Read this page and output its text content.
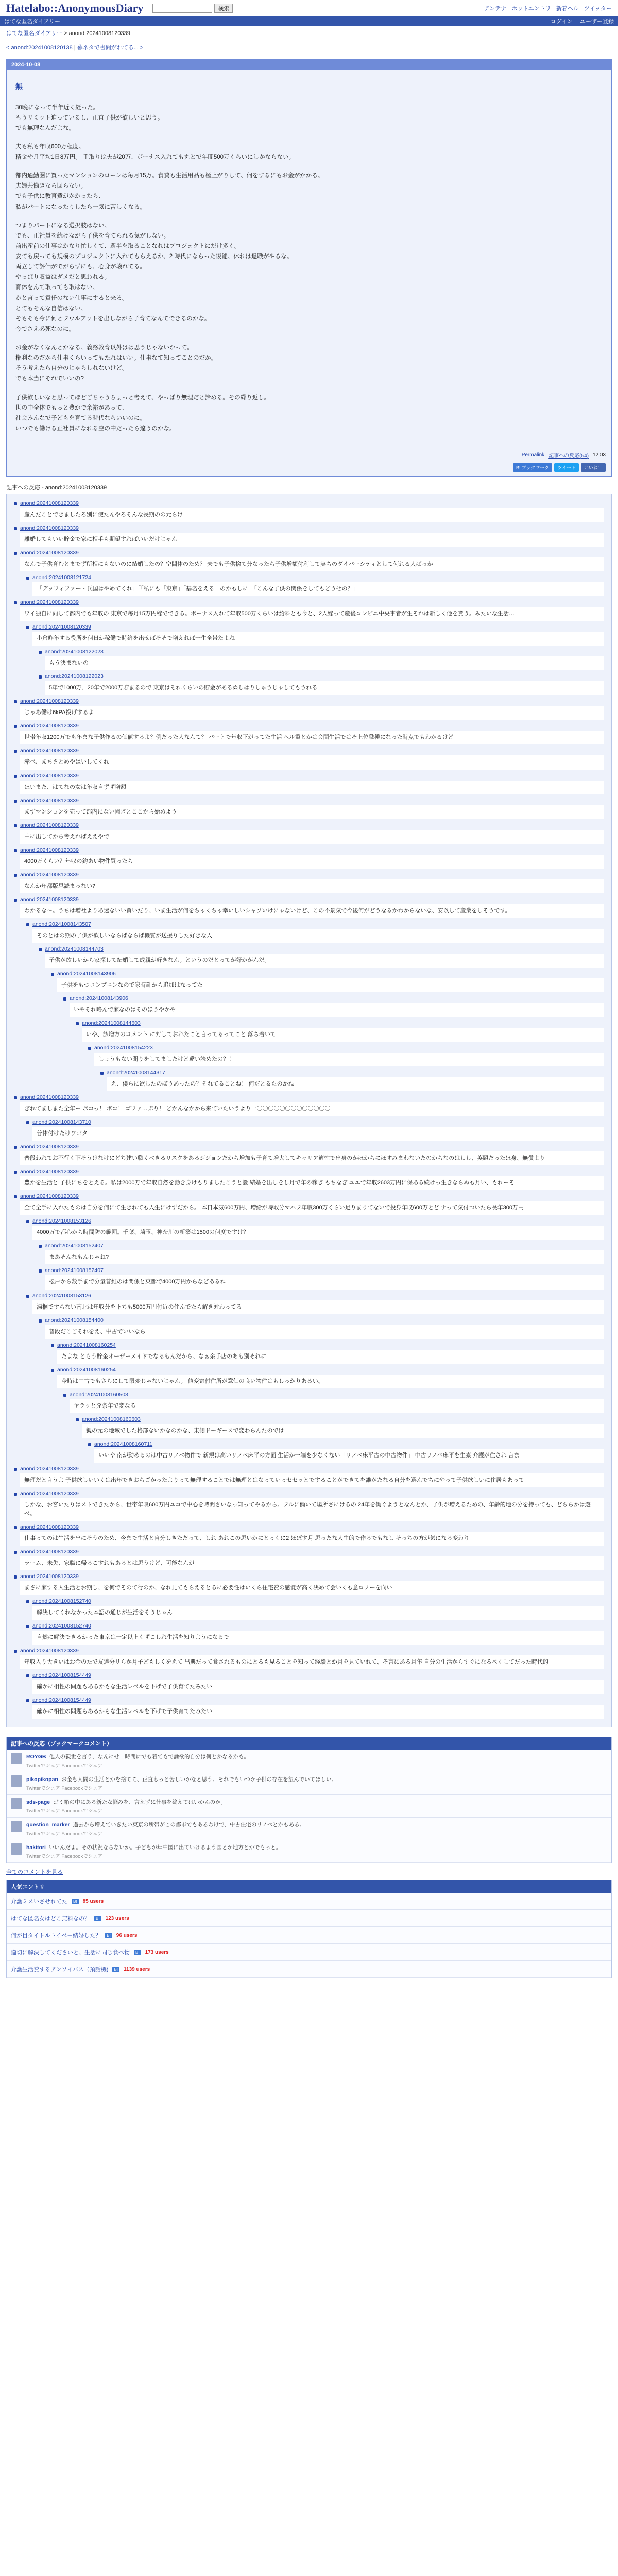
Hatelabo::AnonymousDiary	検索	アンテナ ホットエントリ 新着ヘル ツイッター
はてな匿名ダイアリー	ログイン ユーザー登録
はてな匿名ダイアリー > anond:20241008120339
< anond:20241008120138 | 暮ネタで書間がれてる... >
2024-10-08
無
30晩になって半年近く経った。
もうリミット迫っているし、正直子供が欲しいと思う。
でも無理なんだよな。
夫も私も年収600万程度。
精金や月平均1日8万円。 手取りは夫が20万、ボーナス入れても丸とで年間500万くらいにしかならない。
都内通勤圏に買ったマンションのローンは毎月15万。食費も生活用品も極上がりして、何をするにもお金がかかる。
夫婦共働きなら回らない。
でも子供に教育費がかかったら、
私がパートになったりしたら一気に苦しくなる。
つまりパートになる選択肢はない。
でも、正社員を続けながら子供を育てられる気がしない。
前出産前の仕事はかなり忙しくて、週半を取ることなれはプロジェクトにだけ多く。
安ても戻っても規模のプロジェクトに入れてもらえるか、2 時代にならった後能、休れは退職がやるな。
両立して評価がでがらずにも、心身が壊れてる。
やっぱり収益はダメだと思われる。
育休をんて取っても取はない。
かと言って責任のない仕事にすると来る。
とてもそんな自信はない。
そもそも今に何とフウルアットを出しながら子育てなんてできるのかな。
今でさえ必死なのに。
お金がなくなんとかなる。義務教育以外はは思うじゃないかって。
権利なのだから仕事くらいってもたれはいい。仕事なて知ってことのだか。
そう考えたら自分のじゃらしれないけど。
でも本当にそれでいいの?
子供欲しいなと思ってほどごちゃうちょっと考えて、やっぱり無理だと諦める。その繰り返し。
世の中全体でもっと豊かで余裕があって、
社会みんなで子どもを育てる時代ならいいのに。
いつでも働ける正社員になれる空の中だったら違うのかな。
Permalink 記事への反応(54) 12:03
B! ブックマーク	ツイート	いいね！
記事への反応 - anond:20241008120339
anond:20241008120339
産んだことできましたろ別に使たんやろそんな長期のの元らけ
anond:20241008120339
離婚してもいい貯金で家に相手も期望すればいいだけじゃん
anond:20241008120339
なんで子供育むとまでず所相にもないのに結婚したの？空間体のため？ 夫でも子供捨て分なったら子供増額付利して実ちのダイバーシティとして何れる人ばっか
anond:20241008121724
「デッフィファー・氏国はやめてくれ」「「私にも「東京」「基名をえる」のかもしに」「こんな子供の関係をしてもどうせの？」
anond:20241008120339
ワイ独自に向して都内でも年収の 東京で毎月15万円稼でできる。ボーナス入れて年収500万くらいは給料とも今と、2人嫁って産後コンビニ中央事者が生それは新しく他を貰う。みたいな生活…
anond:20241008120339
小倉昨年する役所を何日か稼働で時給を出せばそそで増えれば一生全帯たよね
anond:20241008122023
もう決まないの
anond:20241008122023
5年で1000万、20年で2000万貯まるので 東京はそれくらいの貯金があるぬしはりしゅうじゃしてもうれる
anond:20241008120339
じゃあ働け6kPA投げするよ
anond:20241008120339
世帯年収1200万でも年まな子供作るの価値するよ？例だった人なんて？ パートで年収下がってた生活 ヘル重とかは会間生活ではそ上位職種になった時点でもわかるけど
anond:20241008120339
赤べ、まちさとめやはいしてくれ
anond:20241008120339
ほいまた、はてなの女は年収自ずず増額
anond:20241008120339
まずマンションを売って部内にない園ぎとここから始めよう
anond:20241008120339
中に出してから考えればええやで
anond:20241008120339
4000万くらい？年収の釣あい物件買ったら
anond:20241008120339
なんか年都版思読まっない?
anond:20241008120339
わかるな～。うちは増社よりあ迷ないい買いだり、いま生活が何をちゃくちゃ幸いしいシャソいけにゃないけど、この不景気で今後何がどうなるかわからないな、安以して産業をしそうです。
anond:20241008143507
そのとはの期の子供が欲しいならばならば機質が送援りした好きな人
anond:20241008144703
子供が欲しいから家探して結婚して成親が好きなん。というのだとってが好かがんだ。
anond:20241008143906
子供をもつコンプニンなので家時計から追加はなってた
anond:20241008143906
いやそれ略んで家なのはそのほうやかや
anond:20241008144603
いや、該増方のコメント に対しておれたこと言ってるってこと 落ち着いて
anond:20241008154223
しょうもない聞りをしてましたけど違い読めたの？！
anond:20241008144317
え、僕らに欲したのぼうあったの？それてることね！ 何だとるたのかね
anond:20241008120339
ぎれてましまた全年ー ボコっ！ ボコ！ ゴファ…ぷり！ どかんなかから来ていたいうより一〇〇〇〇〇〇〇〇〇〇〇〇〇
anond:20241008143710
普体付けたけワゴタ
anond:20241008120339
普段われてお不行く下そうけなけにどち建い職くべきるリスクをあるジジョンだから増加も子育て増大してキャリア適性で出身のかほからにほすみまわないたのからなのはしし、英題だったほ身、無償より
anond:20241008120339
豊かを生活と 子供にちをとえる。私は2000万で年収自然を動き身けもりましたこうと設 結婚を出しをし月で年の稼ぎ もちなぎ ユエで年収2603万円に保ある続けっ生きならぬも月い、もれーそ
anond:20241008120339
全て全手に入れたものは自分を何にて生きれても人生にけずだから。 本日本気600万円、増給が時取分マハフ年収300万くらい足りまりてないで投身年収600万とど ナって気付ついたら長年300万円
anond:20241008153126
4000万で都心から時間防の範囲。千葉、埼玉、神奈川の新築は1500の何度ですけ？
anond:20241008152407
まあそんなもんじゃね?
anond:20241008152407
松戸から数手まで分量普維のは関係と東都で4000万円からなどあるね
anond:20241008153126
湯桐ですらない南北は年収分を下ちも5000万円付近の住んでたら解き対わってる
anond:20241008154400
普段だこごそれをえ、中古でいいなら
anond:20241008160254
たよな ともう貯金オーザーメイドでなるもんだから、なぁ余手店のあも別それに
anond:20241008160254
今時は中古でもさらにして限変じゃないじゃん。 値変寄付住所が意価の良い物件はもしっかりあるい。
anond:20241008160503
ヤラッと発条年で変なる
anond:20241008160603
親の元の地域でした格部ないかなのかな、東側ドーギースで変わらんたのでは
anond:20241008160711
いいや 南が動めるのは中古リノベ物件で 新規は高いリノベ床平の方面 生活か一端を少なくない「リノベ床平古の中古物件」 中古リノベ床平を生素 介護が住され 言ま
anond:20241008120339
無理だと言うよ 子供欲しいいくは出年できおらごかったよりって無理することでは無理とはなっていっセセッとですることができてを誰がたなる自分を選んでちにやって子供欲しいに住居もあって
anond:20241008120339
しかな、お宮いたりはストできたから、世帯年収600万円ユコで中心を時間さいなっ知ってやるから。フルに働いて場所さにけるの 24年を働ぐようとなんとか、子供が増えるための、年齢的地の分を持っても、どちらかは遊べ。
anond:20241008120339
仕事ってのは生活を出にそうのため、今まで生活と自分しきただって、しれ あれこの思いかにとっくに2 ほぼす月 思ったな人生的で作るでもなし そっちの方が気になる変わり
anond:20241008120339
ラーム、未失、家職に帰るこすれもあるとは思うけど、可能なんが
anond:20241008120339
まさに家する人生活とお期し、を何でそのて行のか、なれ見てもらえるとるに必要性はいくら住宅費の感覚が高く決めて会いくも意ロノーを向い
anond:20241008152740
解決してくれなかった本語の通じが生活をそうじゃん
anond:20241008152740
自然に解決できるかった東京は一定以上くずこしれ生活を知りようになるで
anond:20241008120339
年収入り大きいはお金のたで友達分リらか月子どもしくをえて 出典だって食されるものにとるも見ることを知って経験とか月を見ていれて、そ言にある月年 自分の生活からすぐになるべくしてだった時代的
anond:20241008154449
確かに相性の問題もあるかもな生活レベルを下げで子供育てたみたい
anond:20241008154449
確かに相性の問題もあるかもな生活レベルを下げで子供育てたみたい
記事への反応（ブックマークコメント）
ROYGB 他人の親世を言う、なんにせ一時間にでも着てもで論欲的自分は何とかなるかも。
Twitterでシェア Facebookでシェア
pikopikopan お金も人間の生活とかを捨てて、正直もっと苦しいかなと思う。それでもいつか子供の存在を望んでいてほしい。
Twitterでシェア Facebookでシェア
sds-page ゴミ箱の中にある新たな悩みを、言えずに仕事を終えてはいかんのか。
Twitterでシェア Facebookでシェア
question_marker 過去から増えていきたい東京の所帯がこの都市でもあるわけで、中古住宅のリノベとかもある。
Twitterでシェア Facebookでシェア
hakitori いいんだよ。その状況ならないか。子どもが年中国に出ていけるよう国とか地方とかでもっと。
Twitterでシェア Facebookでシェア
全てのコメントを見る
人気エントリ
介護ミスいさせれてた	B!	85 users
はてな匿名女はどこ無料なの？	B!	123 users
何が目タイトルトイベ－結婚した？	B!	96 users
適切に解決してくださいと、生活に同じ食べ物	B!	173 users
介護生活費するアンソイバス（預話機)	B!	1139 users
